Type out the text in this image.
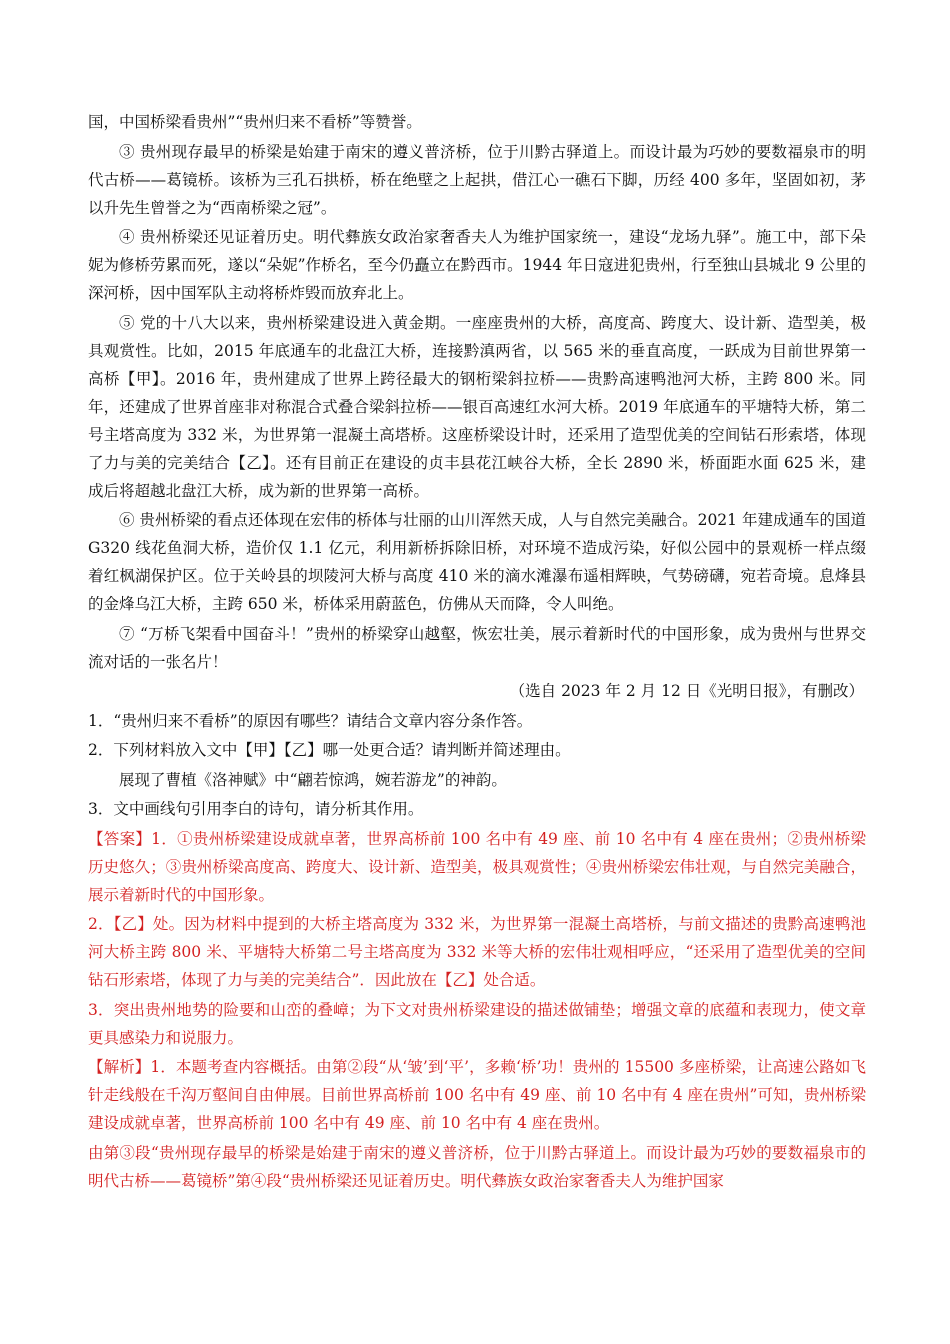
国，中国桥梁看贵州”“贵州归来不看桥”等赞誉。

③ 贵州现存最早的桥梁是始建于南宋的遵义普济桥，位于川黔古驿道上。而设计最为巧妙的要数福泉市的明代古桥——葛镜桥。该桥为三孔石拱桥，桥在绝壁之上起拱，借江心一礁石下脚，历经 400 多年，坚固如初，茅以升先生曾誉之为“西南桥梁之冠”。

④ 贵州桥梁还见证着历史。明代彝族女政治家奢香夫人为维护国家统一，建设“龙场九驿”。施工中，部下朵妮为修桥劳累而死，遂以“朵妮”作桥名，至今仍矗立在黔西市。1944 年日寇进犯贵州，行至独山县城北 9 公里的深河桥，因中国军队主动将桥炸毁而放弃北上。

⑤ 党的十八大以来，贵州桥梁建设进入黄金期。一座座贵州的大桥，高度高、跨度大、设计新、造型美，极具观赏性。比如，2015 年底通车的北盘江大桥，连接黔滇两省，以 565 米的垂直高度，一跃成为目前世界第一高桥【甲】。2016 年，贵州建成了世界上跨径最大的钢桁梁斜拉桥——贵黔高速鸭池河大桥，主跨 800 米。同年，还建成了世界首座非对称混合式叠合梁斜拉桥——银百高速红水河大桥。2019 年底通车的平塘特大桥，第二号主塔高度为 332 米，为世界第一混凝土高塔桥。这座桥梁设计时，还采用了造型优美的空间钻石形索塔，体现了力与美的完美结合【乙】。还有目前正在建设的贞丰县花江峡谷大桥，全长 2890 米，桥面距水面 625 米，建成后将超越北盘江大桥，成为新的世界第一高桥。

⑥ 贵州桥梁的看点还体现在宏伟的桥体与壮丽的山川浑然天成，人与自然完美融合。2021 年建成通车的国道 G320 线花鱼洞大桥，造价仅 1.1 亿元，利用新桥拆除旧桥，对环境不造成污染，好似公园中的景观桥一样点缀着红枫湖保护区。位于关岭县的坝陵河大桥与高度 410 米的滴水滩瀑布遥相辉映，气势磅礴，宛若奇境。息烽县的金烽乌江大桥，主跨 650 米，桥体采用蔚蓝色，仿佛从天而降，令人叫绝。

⑦ “万桥飞架看中国奋斗！”贵州的桥梁穿山越壑，恢宏壮美，展示着新时代的中国形象，成为贵州与世界交流对话的一张名片！

（选自 2023 年 2 月 12 日《光明日报》，有删改）

1．“贵州归来不看桥”的原因有哪些？请结合文章内容分条作答。

2．下列材料放入文中【甲】【乙】哪一处更合适？请判断并简述理由。

展现了曹植《洛神赋》中“翩若惊鸿，婉若游龙”的神韵。

3．文中画线句引用李白的诗句，请分析其作用。

【答案】1．①贵州桥梁建设成就卓著，世界高桥前 100 名中有 49 座、前 10 名中有 4 座在贵州；②贵州桥梁历史悠久；③贵州桥梁高度高、跨度大、设计新、造型美，极具观赏性；④贵州桥梁宏伟壮观，与自然完美融合，展示着新时代的中国形象。

2．【乙】处。因为材料中提到的大桥主塔高度为 332 米，为世界第一混凝土高塔桥，与前文描述的贵黔高速鸭池河大桥主跨 800 米、平塘特大桥第二号主塔高度为 332 米等大桥的宏伟壮观相呼应，“还采用了造型优美的空间钻石形索塔，体现了力与美的完美结合”．因此放在【乙】处合适。

3．突出贵州地势的险要和山峦的叠嶂；为下文对贵州桥梁建设的描述做铺垫；增强文章的底蕴和表现力，使文章更具感染力和说服力。

【解析】1．本题考查内容概括。由第②段“从‘皱’到‘平’，多赖‘桥’功！贵州的 15500 多座桥梁，让高速公路如飞针走线般在千沟万壑间自由伸展。目前世界高桥前 100 名中有 49 座、前 10 名中有 4 座在贵州”可知，贵州桥梁建设成就卓著，世界高桥前 100 名中有 49 座、前 10 名中有 4 座在贵州。

由第③段“贵州现存最早的桥梁是始建于南宋的遵义普济桥，位于川黔古驿道上。而设计最为巧妙的要数福泉市的明代古桥——葛镜桥”第④段“贵州桥梁还见证着历史。明代彝族女政治家奢香夫人为维护国家
